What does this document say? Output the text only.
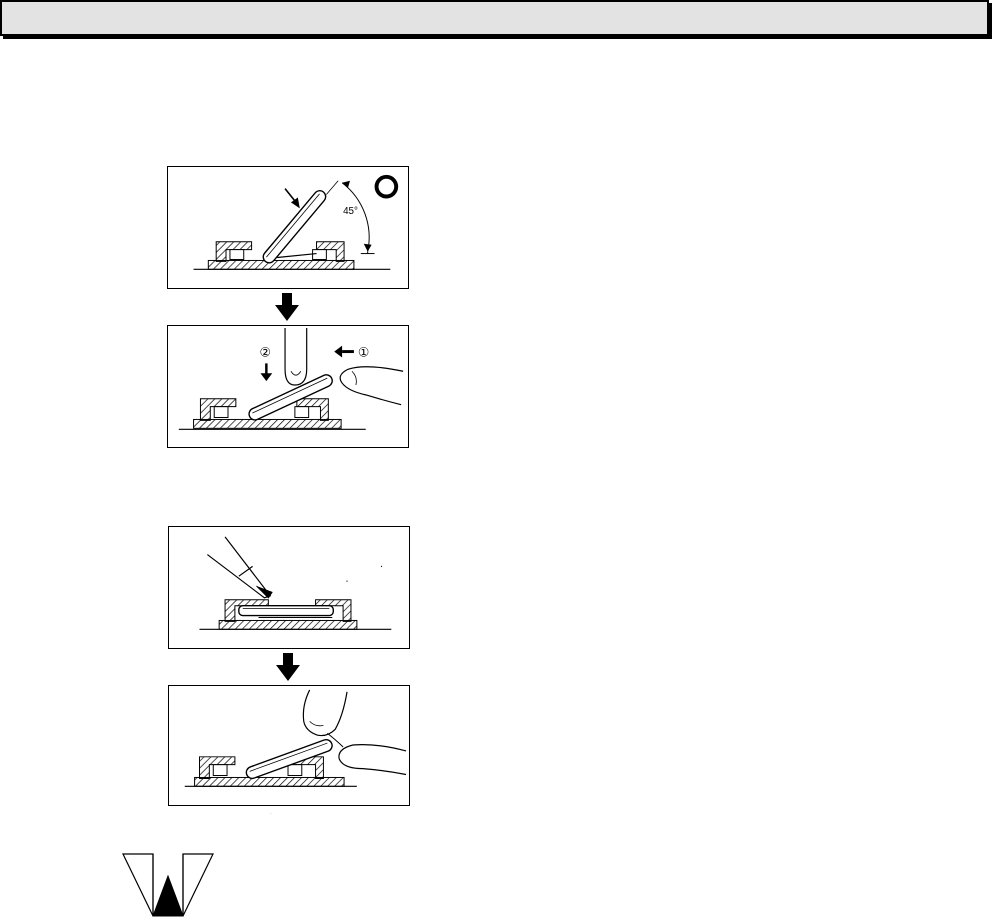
45°
②	①
·
